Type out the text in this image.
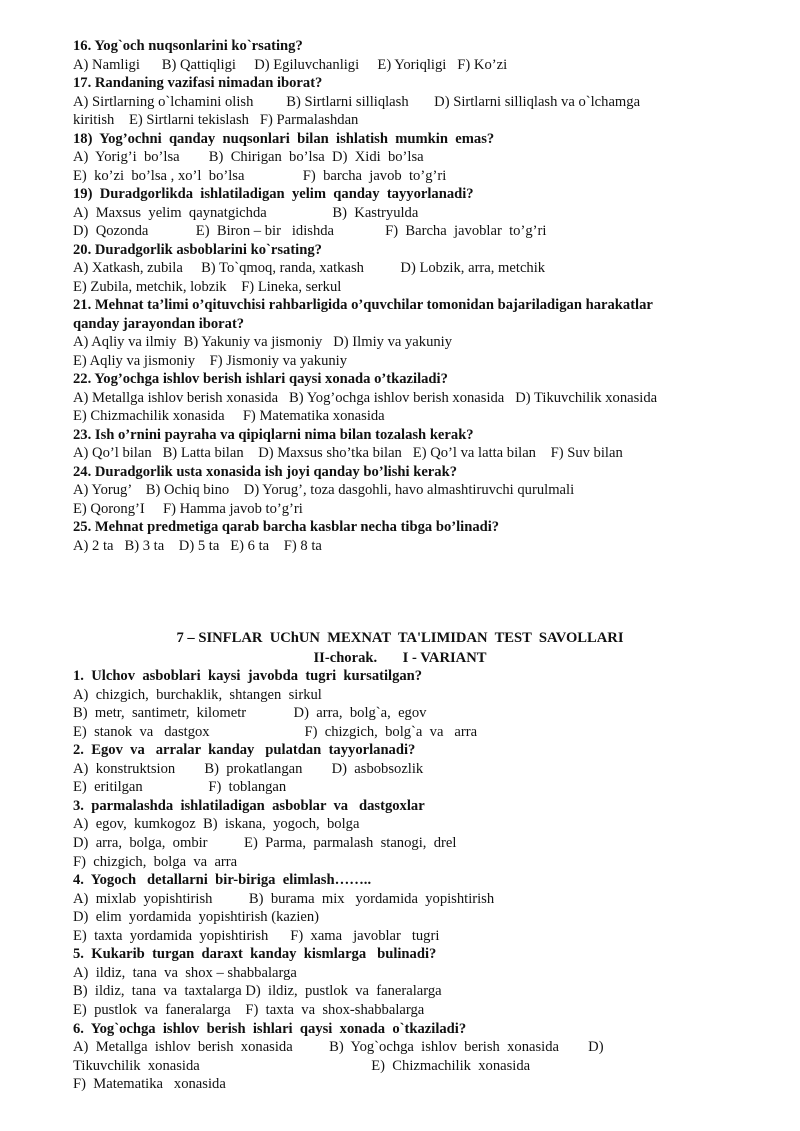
16. Yog`och nuqsonlarini ko`rsating?
A) Namligi      B) Qattiqligi     D) Egiluvchanligi     E) Yoriqligi   F) Ko’zi
17. Randaning vazifasi nimadan iborat?
A) Sirtlarning o`lchamini olish         B) Sirtlarni silliqlash       D) Sirtlarni silliqlash va o`lchamga
kiritish    E) Sirtlarni tekislash   F) Parmalashdan
18)  Yog’ochni  qanday  nuqsonlari  bilan  ishlatish  mumkin  emas?
A)  Yorig’i  bo’lsa        B)  Chirigan  bo’lsa  D)  Xidi  bo’lsa
E)  ko’zi  bo’lsa , xo’l  bo’lsa                F)  barcha  javob  to’g’ri
19)  Duradgorlikda  ishlatiladigan  yelim  qanday  tayyorlanadi?
A)  Maxsus  yelim  qaynatgichda                  B)  Kastryulda
D)  Qozonda             E)  Biron – bir   idishda              F)  Barcha  javoblar  to’g’ri
20. Duradgorlik asboblarini ko`rsating?
A) Xatkash, zubila     B) To`qmoq, randa, xatkash          D) Lobzik, arra, metchik
E) Zubila, metchik, lobzik    F) Lineka, serkul
21. Mehnat ta’limi o’qituvchisi rahbarligida o’quvchilar tomonidan bajariladigan harakatlar
qanday jarayondan iborat?
A) Aqliy va ilmiy  B) Yakuniy va jismoniy   D) Ilmiy va yakuniy
E) Aqliy va jismoniy    F) Jismoniy va yakuniy
22. Yog’ochga ishlov berish ishlari qaysi xonada o’tkaziladi?
A) Metallga ishlov berish xonasida   B) Yog’ochga ishlov berish xonasida   D) Tikuvchilik xonasida
E) Chizmachilik xonasida     F) Matematika xonasida
23. Ish o’rnini payraha va qipiqlarni nima bilan tozalash kerak?
A) Qo’l bilan   B) Latta bilan    D) Maxsus sho’tka bilan   E) Qo’l va latta bilan    F) Suv bilan
24. Duradgorlik usta xonasida ish joyi qanday bo’lishi kerak?
A) Yorug’    B) Ochiq bino    D) Yorug’, toza dasgohli, havo almashtiruvchi qurulmali
E) Qorong’I     F) Hamma javob to’g’ri
25. Mehnat predmetiga qarab barcha kasblar necha tibga bo’linadi?
A) 2 ta   B) 3 ta    D) 5 ta   E) 6 ta    F) 8 ta
7 – SINFLAR  UChUN  MEXNAT  TA'LIMIDAN  TEST  SAVOLLARI
II-chorak.       I - VARIANT
1.  Ulchov  asboblari  kaysi  javobda  tugri  kursatilgan?
A)  chizgich,  burchaklik,  shtangen  sirkul
B)  metr,  santimetr,  kilometr             D)  arra,  bolg`a,  egov
E)  stanok  va   dastgox                          F)  chizgich,  bolg`a  va   arra
2.  Egov  va   arralar  kanday   pulatdan  tayyorlanadi?
A)  konstruktsion        B)  prokatlangan        D)  asbobsozlik
E)  eritilgan                  F)  toblangan
3.  parmalashda  ishlatiladigan  asboblar  va   dastgoxlar
A)  egov,  kumkogoz  B)  iskana,  yogoch,  bolga
D)  arra,  bolga,  ombir          E)  Parma,  parmalash  stanogi,  drel
F)  chizgich,  bolga  va  arra
4.  Yogoch   detallarni  bir-biriga  elimlash……..
A)  mixlab  yopishtirish          B)  burama  mix   yordamida  yopishtirish
D)  elim  yordamida  yopishtirish (kazien)
E)  taxta  yordamida  yopishtirish      F)  xama   javoblar   tugri
5.  Kukarib  turgan  daraxt  kanday  kismlarga   bulinadi?
A)  ildiz,  tana  va  shox – shabbalarga
B)  ildiz,  tana  va  taxtalarga D)  ildiz,  pustlok  va  faneralarga
E)  pustlok  va  faneralarga    F)  taxta  va  shox-shabbalarga
6.  Yog`ochga  ishlov  berish  ishlari  qaysi  xonada  o`tkaziladi?
A)  Metallga  ishlov  berish  xonasida          B)  Yog`ochga  ishlov  berish  xonasida        D)
Tikuvchilik  xonasida                                               E)  Chizmachilik  xonasida
F)  Matematika   xonasida
